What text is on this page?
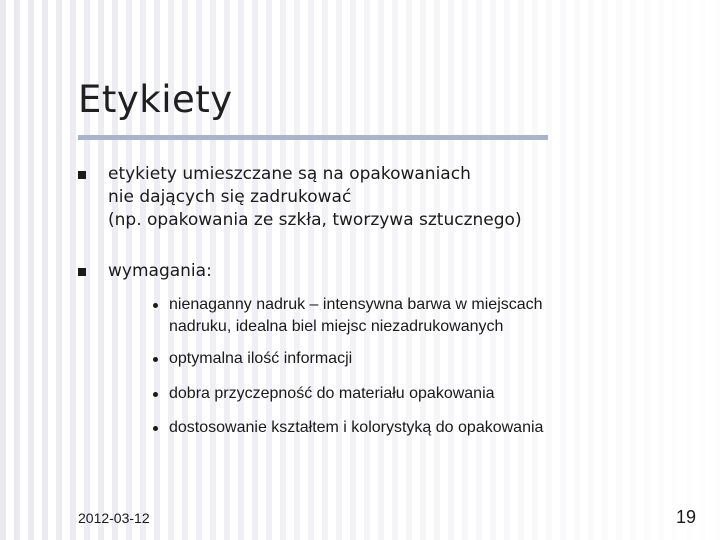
Etykiety
etykiety umieszczane są na opakowaniach
nie dających się zadrukować
(np. opakowania ze szkła, tworzywa sztucznego)
wymagania:
nienaganny nadruk – intensywna barwa w miejscach
nadruku, idealna biel miejsc niezadrukowanych
optymalna ilość informacji
dobra przyczepność do materiału opakowania
dostosowanie kształtem i kolorystyką do opakowania
2012-03-12	19
